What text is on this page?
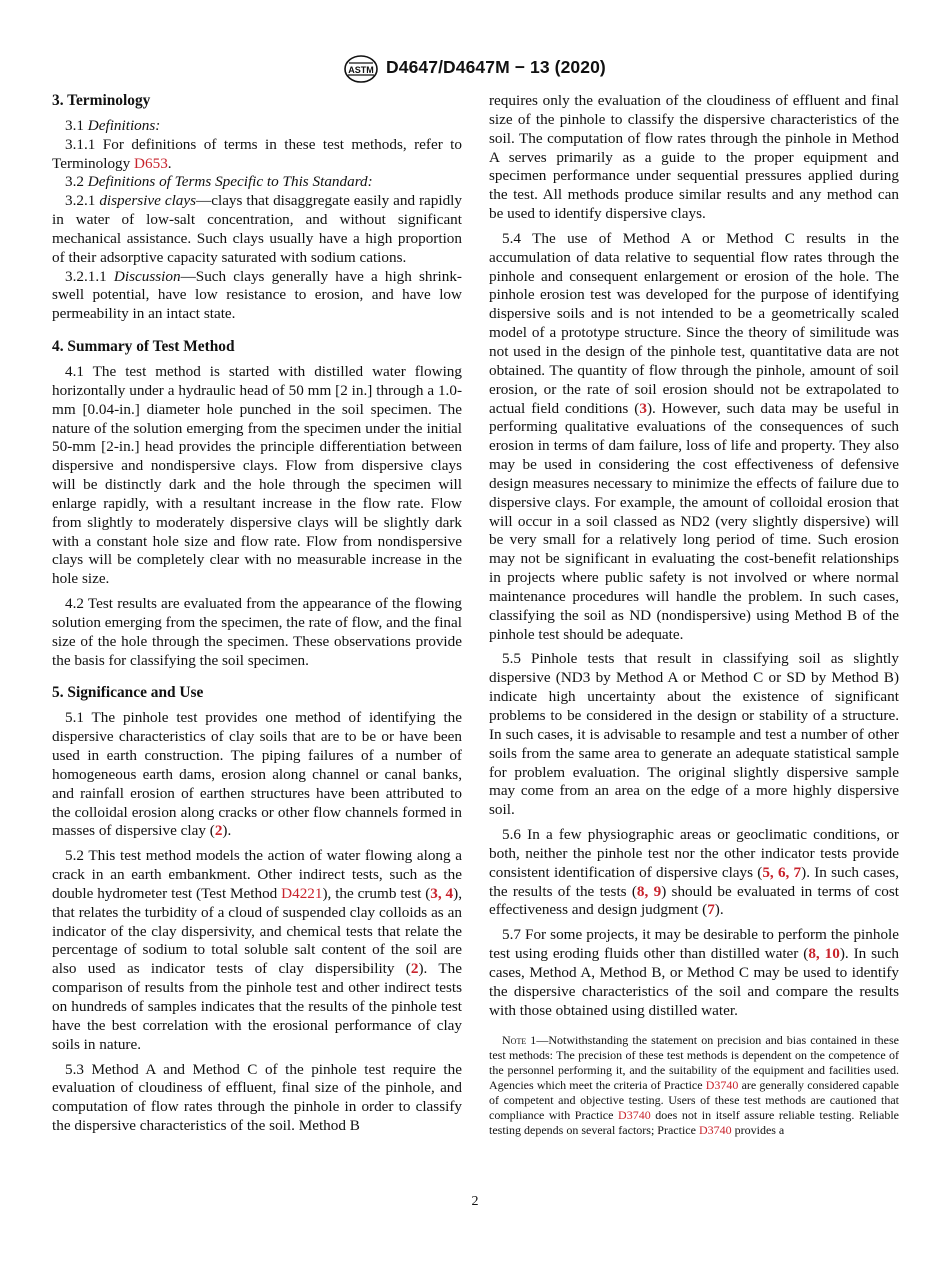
ASTM D4647/D4647M − 13 (2020)
3. Terminology

3.1 Definitions:

3.1.1 For definitions of terms in these test methods, refer to Terminology D653.

3.2 Definitions of Terms Specific to This Standard:

3.2.1 dispersive clays—clays that disaggregate easily and rapidly in water of low-salt concentration, and without significant mechanical assistance. Such clays usually have a high proportion of their adsorptive capacity saturated with sodium cations.

3.2.1.1 Discussion—Such clays generally have a high shrink-swell potential, have low resistance to erosion, and have low permeability in an intact state.

4. Summary of Test Method

4.1 The test method is started with distilled water flowing horizontally under a hydraulic head of 50 mm [2 in.] through a 1.0-mm [0.04-in.] diameter hole punched in the soil specimen. The nature of the solution emerging from the specimen under the initial 50-mm [2-in.] head provides the principle differentiation between dispersive and nondispersive clays. Flow from dispersive clays will be distinctly dark and the hole through the specimen will enlarge rapidly, with a resultant increase in the flow rate. Flow from slightly to moderately dispersive clays will be slightly dark with a constant hole size and flow rate. Flow from nondispersive clays will be completely clear with no measurable increase in the hole size.

4.2 Test results are evaluated from the appearance of the flowing solution emerging from the specimen, the rate of flow, and the final size of the hole through the specimen. These observations provide the basis for classifying the soil specimen.

5. Significance and Use

5.1 The pinhole test provides one method of identifying the dispersive characteristics of clay soils that are to be or have been used in earth construction. The piping failures of a number of homogeneous earth dams, erosion along channel or canal banks, and rainfall erosion of earthen structures have been attributed to the colloidal erosion along cracks or other flow channels formed in masses of dispersive clay (2).

5.2 This test method models the action of water flowing along a crack in an earth embankment. Other indirect tests, such as the double hydrometer test (Test Method D4221), the crumb test (3, 4), that relates the turbidity of a cloud of suspended clay colloids as an indicator of the clay dispersivity, and chemical tests that relate the percentage of sodium to total soluble salt content of the soil are also used as indicator tests of clay dispersibility (2). The comparison of results from the pinhole test and other indirect tests on hundreds of samples indicates that the results of the pinhole test have the best correlation with the erosional performance of clay soils in nature.

5.3 Method A and Method C of the pinhole test require the evaluation of cloudiness of effluent, final size of the pinhole, and computation of flow rates through the pinhole in order to classify the dispersive characteristics of the soil. Method B

requires only the evaluation of the cloudiness of effluent and final size of the pinhole to classify the dispersive characteristics of the soil. The computation of flow rates through the pinhole in Method A serves primarily as a guide to the proper equipment and specimen performance under sequential pressures applied during the test. All methods produce similar results and any method can be used to identify dispersive clays.

5.4 The use of Method A or Method C results in the accumulation of data relative to sequential flow rates through the pinhole and consequent enlargement or erosion of the hole. The pinhole erosion test was developed for the purpose of identifying dispersive soils and is not intended to be a geometrically scaled model of a prototype structure. Since the theory of similitude was not used in the design of the pinhole test, quantitative data are not obtained. The quantity of flow through the pinhole, amount of soil erosion, or the rate of soil erosion should not be extrapolated to actual field conditions (3). However, such data may be useful in performing qualitative evaluations of the consequences of such erosion in terms of dam failure, loss of life and property. They also may be used in considering the cost effectiveness of defensive design measures necessary to minimize the effects of failure due to dispersive clays. For example, the amount of colloidal erosion that will occur in a soil classed as ND2 (very slightly dispersive) will be very small for a relatively long period of time. Such erosion may not be significant in evaluating the cost-benefit relationships in projects where public safety is not involved or where normal maintenance procedures will handle the problem. In such cases, classifying the soil as ND (nondispersive) using Method B of the pinhole test should be adequate.

5.5 Pinhole tests that result in classifying soil as slightly dispersive (ND3 by Method A or Method C or SD by Method B) indicate high uncertainty about the existence of significant problems to be considered in the design or stability of a structure. In such cases, it is advisable to resample and test a number of other soils from the same area to generate an adequate statistical sample for problem evaluation. The original slightly dispersive sample may come from an area on the edge of a more highly dispersive soil.

5.6 In a few physiographic areas or geoclimatic conditions, or both, neither the pinhole test nor the other indicator tests provide consistent identification of dispersive clays (5, 6, 7). In such cases, the results of the tests (8, 9) should be evaluated in terms of cost effectiveness and design judgment (7).

5.7 For some projects, it may be desirable to perform the pinhole test using eroding fluids other than distilled water (8, 10). In such cases, Method A, Method B, or Method C may be used to identify the dispersive characteristics of the soil and compare the results with those obtained using distilled water.

Note 1—Notwithstanding the statement on precision and bias contained in these test methods: The precision of these test methods is dependent on the competence of the personnel performing it, and the suitability of the equipment and facilities used. Agencies which meet the criteria of Practice D3740 are generally considered capable of competent and objective testing. Users of these test methods are cautioned that compliance with Practice D3740 does not in itself assure reliable testing. Reliable testing depends on several factors; Practice D3740 provides a

2
